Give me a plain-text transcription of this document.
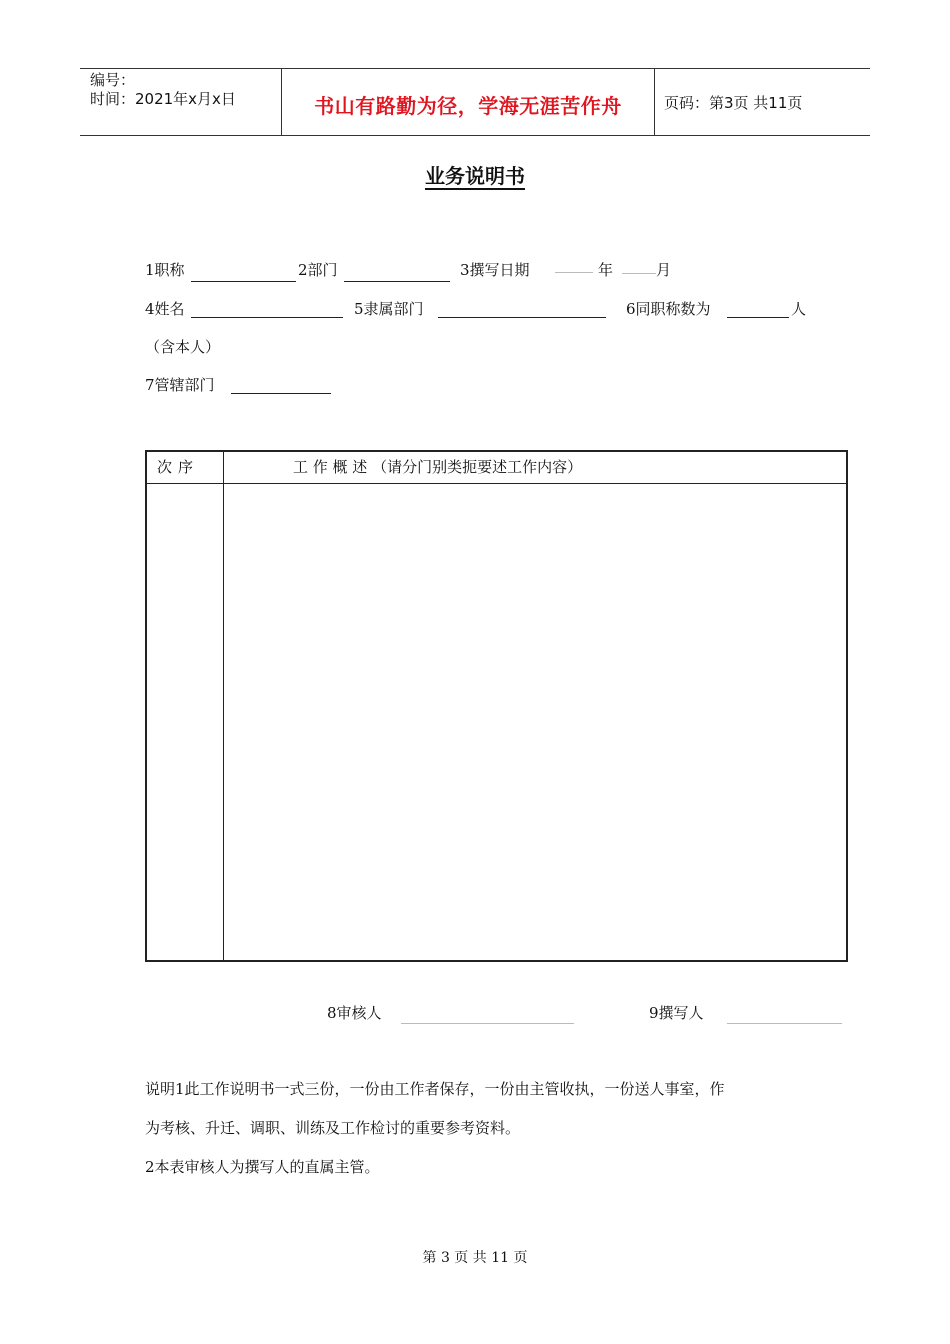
编号：
时间：2021年x月x日	书山有路勤为径，学海无涯苦作舟	页码：第3页 共11页
业务说明书
1职称	2部门	3撰写日期	年	月
4姓名	5隶属部门	6同职称数为	人
（含本人）
7管辖部门
次序	工 作 概 述 （请分门别类扼要述工作内容）
8审核人	9撰写人
说明1此工作说明书一式三份，一份由工作者保存，一份由主管收执，一份送人事室，作
为考核、升迁、调职、训练及工作检讨的重要参考资料。
2本表审核人为撰写人的直属主管。
第 3 页 共 11 页
